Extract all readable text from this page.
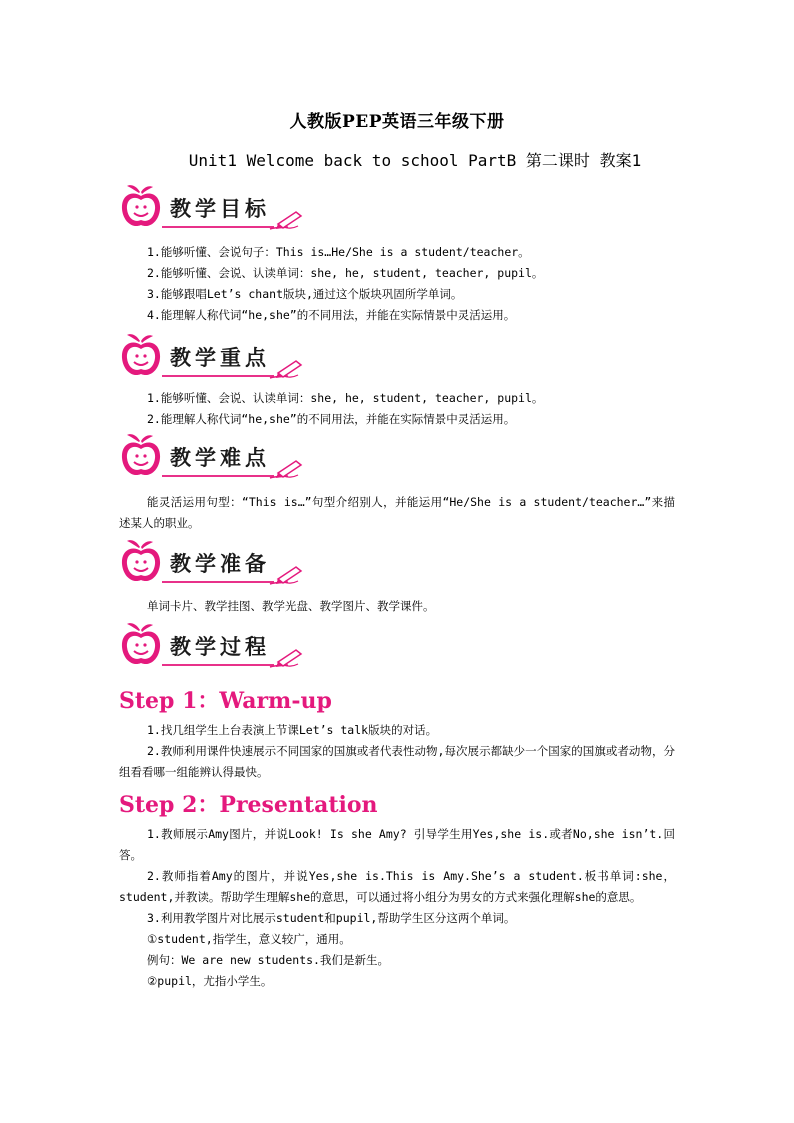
人教版PEP英语三年级下册
Unit1 Welcome back to school PartB 第二课时 教案1
教学目标

1.能够听懂、会说句子：This is…He/She is a student/teacher。

2.能够听懂、会说、认读单词：she, he, student, teacher, pupil。

3.能够跟唱Let’s chant版块,通过这个版块巩固所学单词。

4.能理解人称代词“he,she”的不同用法，并能在实际情景中灵活运用。

教学重点

1.能够听懂、会说、认读单词：she, he, student, teacher, pupil。

2.能理解人称代词“he,she”的不同用法，并能在实际情景中灵活运用。

教学难点

能灵活运用句型：“This is…”句型介绍别人，并能运用“He/She is a student/teacher…”来描述某人的职业。

教学准备

单词卡片、教学挂图、教学光盘、教学图片、教学课件。

教学过程
Step 1：Warm-up

1.找几组学生上台表演上节课Let’s talk版块的对话。

2.教师利用课件快速展示不同国家的国旗或者代表性动物,每次展示都缺少一个国家的国旗或者动物，分组看看哪一组能辨认得最快。

Step 2：Presentation

1.教师展示Amy图片，并说Look! Is she Amy? 引导学生用Yes,she is.或者No,she isn’t.回答。

2.教师指着Amy的图片，并说Yes,she is.This is Amy.She’s a student.板书单词:she，student,并教读。帮助学生理解she的意思，可以通过将小组分为男女的方式来强化理解she的意思。

3.利用教学图片对比展示student和pupil,帮助学生区分这两个单词。

①student,指学生，意义较广，通用。

例句：We are new students.我们是新生。

②pupil，尤指小学生。
